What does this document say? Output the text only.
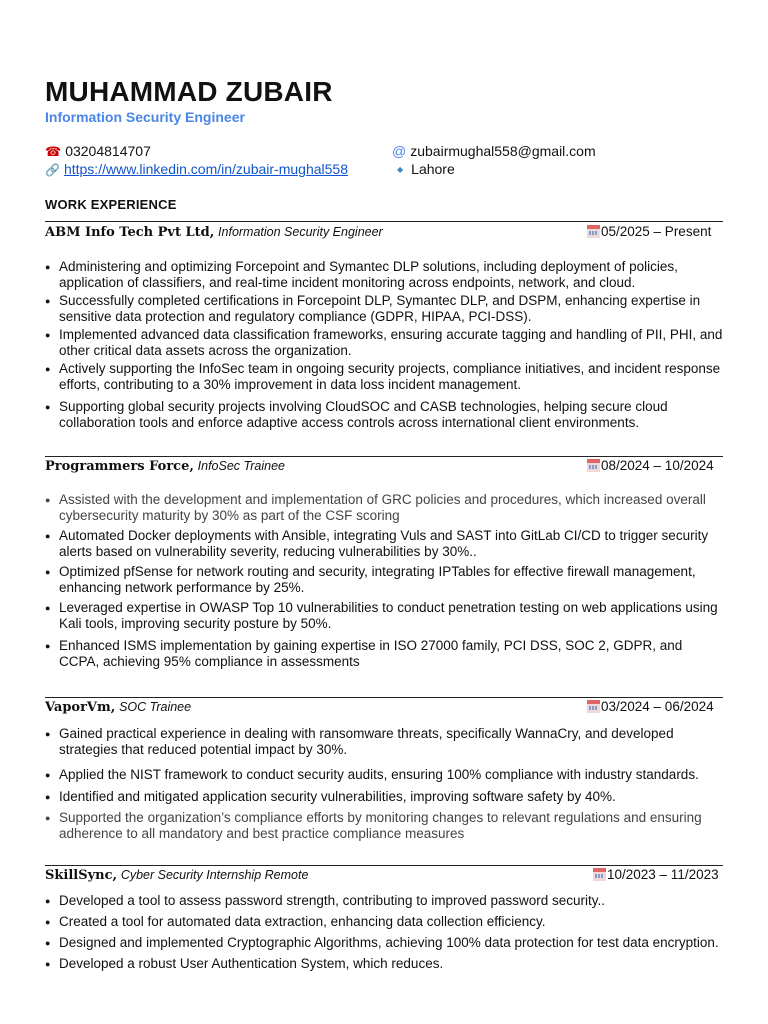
MUHAMMAD ZUBAIR
Information Security Engineer
☎ 03204814707	@ zubairmughal558@gmail.com
🔗 https://www.linkedin.com/in/zubair-mughal558	◆ Lahore
WORK EXPERIENCE
ABM Info Tech Pvt Ltd, Information Security Engineer	05/2025 – Present
● Administering and optimizing Forcepoint and Symantec DLP solutions, including deployment of policies, application of classifiers, and real-time incident monitoring across endpoints, network, and cloud.
● Successfully completed certifications in Forcepoint DLP, Symantec DLP, and DSPM, enhancing expertise in sensitive data protection and regulatory compliance (GDPR, HIPAA, PCI-DSS).
● Implemented advanced data classification frameworks, ensuring accurate tagging and handling of PII, PHI, and other critical data assets across the organization.
● Actively supporting the InfoSec team in ongoing security projects, compliance initiatives, and incident response efforts, contributing to a 30% improvement in data loss incident management.
● Supporting global security projects involving CloudSOC and CASB technologies, helping secure cloud collaboration tools and enforce adaptive access controls across international client environments.
Programmers Force, InfoSec Trainee	08/2024 – 10/2024
● Assisted with the development and implementation of GRC policies and procedures, which increased overall cybersecurity maturity by 30% as part of the CSF scoring
● Automated Docker deployments with Ansible, integrating Vuls and SAST into GitLab CI/CD to trigger security alerts based on vulnerability severity, reducing vulnerabilities by 30%..
● Optimized pfSense for network routing and security, integrating IPTables for effective firewall management, enhancing network performance by 25%.
● Leveraged expertise in OWASP Top 10 vulnerabilities to conduct penetration testing on web applications using Kali tools, improving security posture by 50%.
● Enhanced ISMS implementation by gaining expertise in ISO 27000 family, PCI DSS, SOC 2, GDPR, and CCPA, achieving 95% compliance in assessments
VaporVm, SOC Trainee	03/2024 – 06/2024
● Gained practical experience in dealing with ransomware threats, specifically WannaCry, and developed strategies that reduced potential impact by 30%.
● Applied the NIST framework to conduct security audits, ensuring 100% compliance with industry standards.
● Identified and mitigated application security vulnerabilities, improving software safety by 40%.
● Supported the organization’s compliance efforts by monitoring changes to relevant regulations and ensuring adherence to all mandatory and best practice compliance measures
SkillSync, Cyber Security Internship Remote	10/2023 – 11/2023
● Developed a tool to assess password strength, contributing to improved password security..
● Created a tool for automated data extraction, enhancing data collection efficiency.
● Designed and implemented Cryptographic Algorithms, achieving 100% data protection for test data encryption.
● Developed a robust User Authentication System, which reduces.
